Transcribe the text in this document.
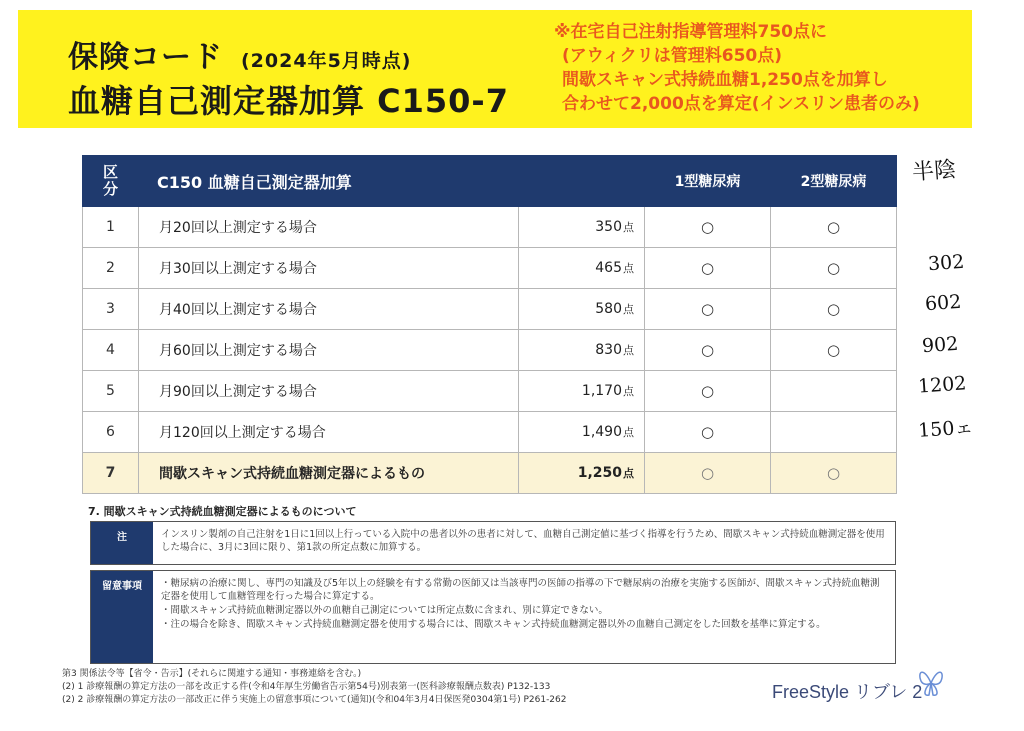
保険コード (2024年5月時点)
血糖自己測定器加算 C150-7
※在宅自己注射指導管理料750点に
(アウィクリは管理料650点)
間歇スキャン式持続血糖1,250点を加算し
合わせて2,000点を算定(インスリン患者のみ)
区分	C150 血糖自己測定器加算		1型糖尿病	2型糖尿病
1	月20回以上測定する場合	350点	○	○
2	月30回以上測定する場合	465点	○	○
3	月40回以上測定する場合	580点	○	○
4	月60回以上測定する場合	830点	○	○
5	月90回以上測定する場合	1,170点	○	
6	月120回以上測定する場合	1,490点	○	
7	間歇スキャン式持続血糖測定器によるもの	1,250点	○	○
7. 間歇スキャン式持続血糖測定器によるものについて
注	インスリン製剤の自己注射を1日に1回以上行っている入院中の患者以外の患者に対して、血糖自己測定値に基づく指導を行うため、間歇スキャン式持続血糖測定器を使用した場合に、3月に3回に限り、第1款の所定点数に加算する。
留意事項	・糖尿病の治療に関し、専門の知識及び5年以上の経験を有する常勤の医師又は当該専門の医師の指導の下で糖尿病の治療を実施する医師が、間歇スキャン式持続血糖測定器を使用して血糖管理を行った場合に算定する。

・間歇スキャン式持続血糖測定器以外の血糖自己測定については所定点数に含まれ、別に算定できない。

・注の場合を除き、間歇スキャン式持続血糖測定器を使用する場合には、間歇スキャン式持続血糖測定器以外の血糖自己測定をした回数を基準に算定する。

第3 関係法令等【省令・告示】(それらに関連する通知・事務連絡を含む。)
(2) 1 診療報酬の算定方法の一部を改正する件(令和4年厚生労働省告示第54号)別表第一(医科診療報酬点数表) P132-133
(2) 2 診療報酬の算定方法の一部改正に伴う実施上の留意事項について(通知)(令和04年3月4日保医発0304第1号) P261-262	FreeStyle リブレ 2
半陰
302
602
902
1202
150ェ
